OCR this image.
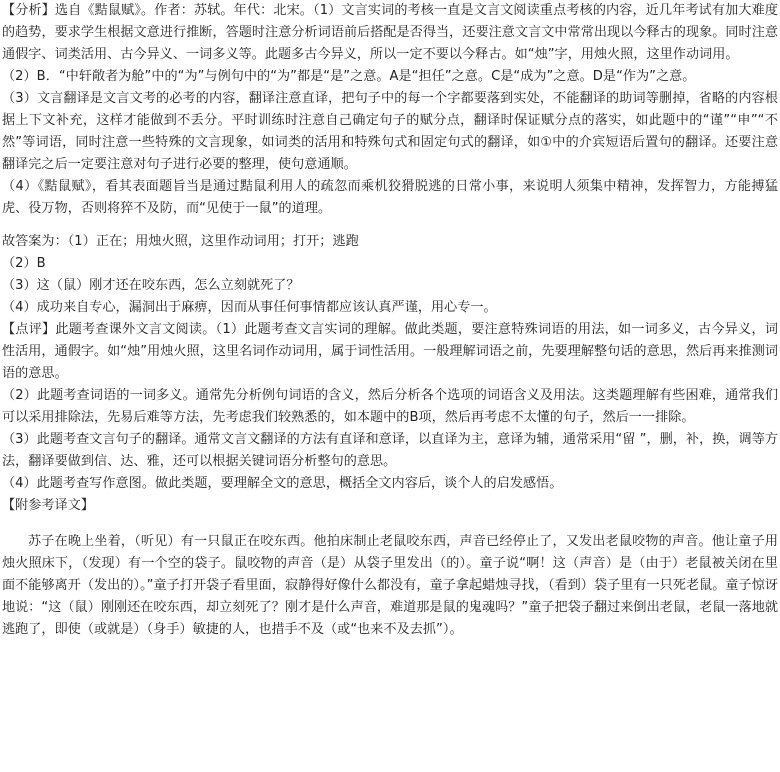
【分析】选自《黠鼠赋》。作者：苏轼。年代：北宋。（1）文言实词的考核一直是文言文阅读重点考核的内容，近几年考试有加大难度的趋势，要求学生根据文意进行推断，答题时注意分析词语前后搭配是否得当，还要注意文言文中常常出现以今释古的现象。同时注意通假字、词类活用、古今异义、一词多义等。此题多古今异义，所以一定不要以今释古。如“烛”字，用烛火照，这里作动词用。

（2）B．“中轩敞者为舱”中的“为”与例句中的“为”都是“是”之意。A是“担任”之意。C是“成为”之意。D是“作为”之意。

（3）文言翻译是文言文考的必考的内容，翻译注意直译，把句子中的每一个字都要落到实处，不能翻译的助词等删掉，省略的内容根据上下文补充，这样才能做到不丢分。平时训练时注意自己确定句子的赋分点，翻译时保证赋分点的落实，如此题中的“谨”“申”“不然”等词语，同时注意一些特殊的文言现象，如词类的活用和特殊句式和固定句式的翻译，如①中的介宾短语后置句的翻译。还要注意翻译完之后一定要注意对句子进行必要的整理，使句意通顺。

（4）《黠鼠赋》，看其表面题旨当是通过黠鼠利用人的疏忽而乘机狡猾脱逃的日常小事，来说明人须集中精神，发挥智力，方能搏猛虎、役万物，否则将猝不及防，而“见使于一鼠”的道理。

故答案为：（1）正在；用烛火照，这里作动词用；打开；逃跑

（2）B

（3）这（鼠）刚才还在咬东西，怎么立刻就死了？

（4）成功来自专心，漏洞出于麻痹，因而从事任何事情都应该认真严谨，用心专一。

【点评】此题考查课外文言文阅读。（1）此题考查文言实词的理解。做此类题，要注意特殊词语的用法，如一词多义，古今异义，词性活用，通假字。如“烛”用烛火照，这里名词作动词用，属于词性活用。一般理解词语之前，先要理解整句话的意思，然后再来推测词语的意思。

（2）此题考查词语的一词多义。通常先分析例句词语的含义，然后分析各个选项的词语含义及用法。这类题理解有些困难，通常我们可以采用排除法，先易后难等方法，先考虑我们较熟悉的，如本题中的B项，然后再考虑不太懂的句子，然后一一排除。

（3）此题考查文言句子的翻译。通常文言文翻译的方法有直译和意译，以直译为主，意译为辅，通常采用“留 ”，删，补，换，调等方法，翻译要做到信、达、雅，还可以根据关键词语分析整句的意思。

（4）此题考查写作意图。做此类题，要理解全文的意思，概括全文内容后，谈个人的启发感悟。

【附参考译文】

苏子在晚上坐着，（听见）有一只鼠正在咬东西。他拍床制止老鼠咬东西，声音已经停止了，又发出老鼠咬物的声音。他让童子用烛火照床下，（发现）有一个空的袋子。鼠咬物的声音（是）从袋子里发出（的）。童子说“啊！这（声音）是（由于）老鼠被关闭在里面不能够离开（发出的）。”童子打开袋子看里面，寂静得好像什么都没有，童子拿起蜡烛寻找，（看到）袋子里有一只死老鼠。童子惊讶地说：“这（鼠）刚刚还在咬东西，却立刻死了？刚才是什么声音，难道那是鼠的鬼魂吗？”童子把袋子翻过来倒出老鼠，老鼠一落地就逃跑了，即使（或就是）（身手）敏捷的人，也措手不及（或“也来不及去抓”）。
